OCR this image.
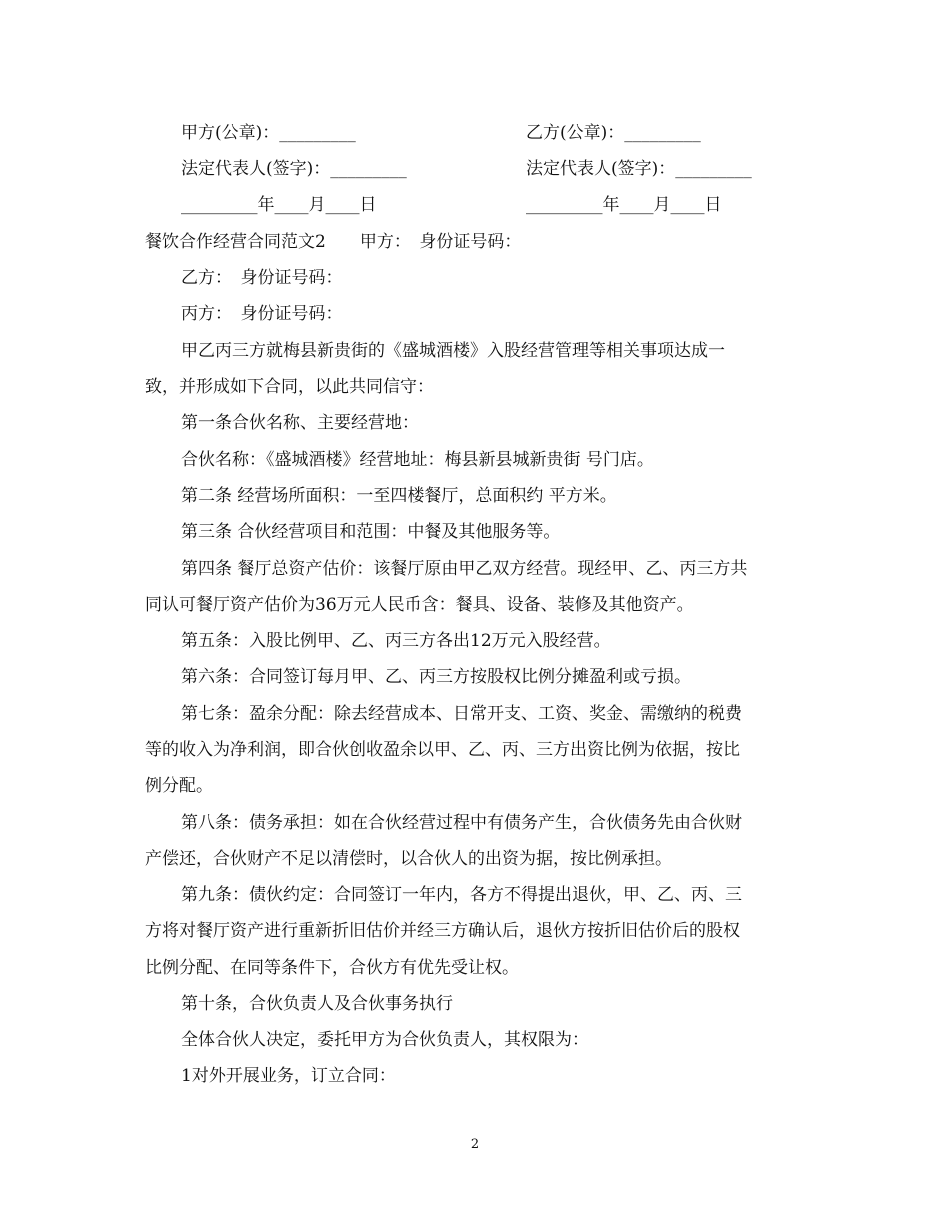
甲方(公章)：_________	乙方(公章)：_________
法定代表人(签字)：_________	法定代表人(签字)：_________
_________年____月____日	_________年____月____日
餐饮合作经营合同范文2　　甲方：　身份证号码：
乙方：　身份证号码：
丙方：　身份证号码：
甲乙丙三方就梅县新贵街的《盛城酒楼》入股经营管理等相关事项达成一
致，并形成如下合同，以此共同信守：
第一条合伙名称、主要经营地：
合伙名称：《盛城酒楼》经营地址：梅县新县城新贵街 号门店。
第二条 经营场所面积：一至四楼餐厅，总面积约 平方米。
第三条 合伙经营项目和范围：中餐及其他服务等。
第四条 餐厅总资产估价：该餐厅原由甲乙双方经营。现经甲、乙、丙三方共
同认可餐厅资产估价为36万元人民币含：餐具、设备、装修及其他资产。
第五条：入股比例甲、乙、丙三方各出12万元入股经营。
第六条：合同签订每月甲、乙、丙三方按股权比例分摊盈利或亏损。
第七条：盈余分配：除去经营成本、日常开支、工资、奖金、需缴纳的税费
等的收入为净利润，即合伙创收盈余以甲、乙、丙、三方出资比例为依据，按比
例分配。
第八条：债务承担：如在合伙经营过程中有债务产生，合伙债务先由合伙财
产偿还，合伙财产不足以清偿时，以合伙人的出资为据，按比例承担。
第九条：债伙约定：合同签订一年内，各方不得提出退伙，甲、乙、丙、三
方将对餐厅资产进行重新折旧估价并经三方确认后，退伙方按折旧估价后的股权
比例分配、在同等条件下，合伙方有优先受让权。
第十条，合伙负责人及合伙事务执行
全体合伙人决定，委托甲方为合伙负责人，其权限为：
1对外开展业务，订立合同：
2
